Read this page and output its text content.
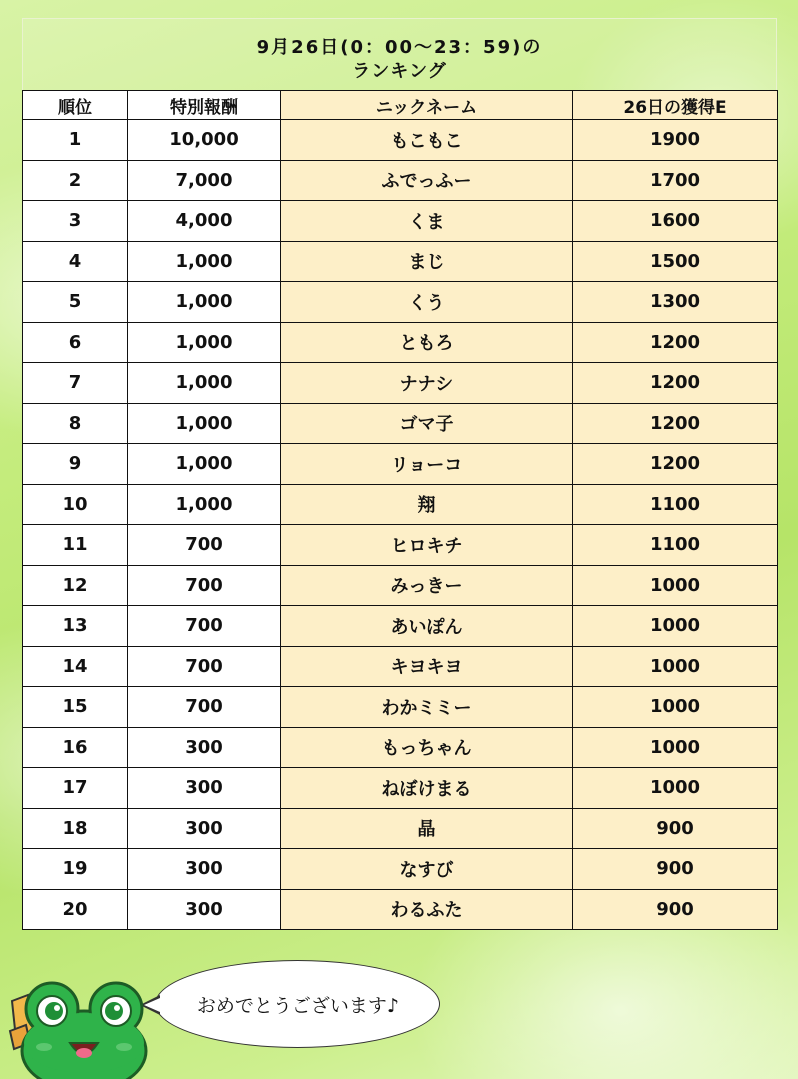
9月26日(0：00～23：59)の
ランキング
順位	特別報酬	ニックネーム	26日の獲得E
1	10,000	もこもこ	1900
2	7,000	ふでっふー	1700
3	4,000	くま	1600
4	1,000	まじ	1500
5	1,000	くう	1300
6	1,000	ともろ	1200
7	1,000	ナナシ	1200
8	1,000	ゴマ子	1200
9	1,000	リョーコ	1200
10	1,000	翔	1100
11	700	ヒロキチ	1100
12	700	みっきー	1000
13	700	あいぽん	1000
14	700	キヨキヨ	1000
15	700	わかミミー	1000
16	300	もっちゃん	1000
17	300	ねぼけまる	1000
18	300	晶	900
19	300	なすび	900
20	300	わるふた	900
おめでとうございます♪
